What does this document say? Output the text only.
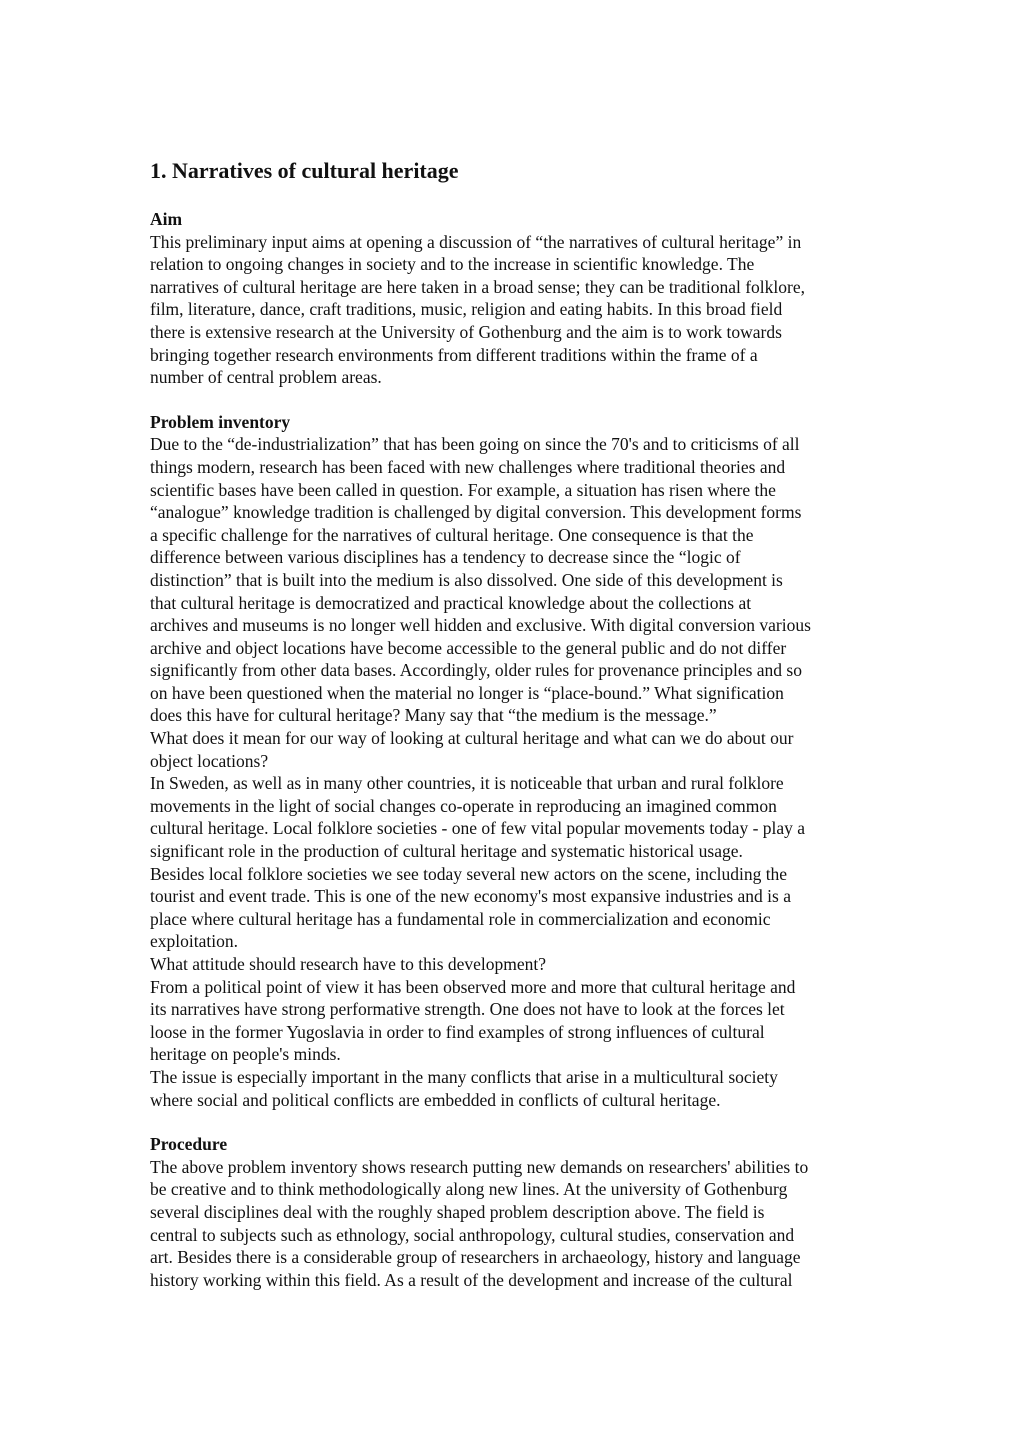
1. Narratives of cultural heritage
Aim

This preliminary input aims at opening a discussion of “the narratives of cultural heritage” in
relation to ongoing changes in society and to the increase in scientific knowledge. The
narratives of cultural heritage are here taken in a broad sense; they can be traditional folklore,
film, literature, dance, craft traditions, music, religion and eating habits. In this broad field
there is extensive research at the University of Gothenburg and the aim is to work towards
bringing together research environments from different traditions within the frame of a
number of central problem areas.

Problem inventory

Due to the “de-industrialization” that has been going on since the 70's and to criticisms of all
things modern, research has been faced with new challenges where traditional theories and
scientific bases have been called in question. For example, a situation has risen where the
“analogue” knowledge tradition is challenged by digital conversion. This development forms
a specific challenge for the narratives of cultural heritage. One consequence is that the
difference between various disciplines has a tendency to decrease since the “logic of
distinction” that is built into the medium is also dissolved. One side of this development is
that cultural heritage is democratized and practical knowledge about the collections at
archives and museums is no longer well hidden and exclusive. With digital conversion various
archive and object locations have become accessible to the general public and do not differ
significantly from other data bases. Accordingly, older rules for provenance principles and so
on have been questioned when the material no longer is “place-bound.” What signification
does this have for cultural heritage? Many say that “the medium is the message.”

What does it mean for our way of looking at cultural heritage and what can we do about our
object locations?

In Sweden, as well as in many other countries, it is noticeable that urban and rural folklore
movements in the light of social changes co-operate in reproducing an imagined common
cultural heritage. Local folklore societies - one of few vital popular movements today - play a
significant role in the production of cultural heritage and systematic historical usage.

Besides local folklore societies we see today several new actors on the scene, including the
tourist and event trade. This is one of the new economy's most expansive industries and is a
place where cultural heritage has a fundamental role in commercialization and economic
exploitation.

What attitude should research have to this development?

From a political point of view it has been observed more and more that cultural heritage and
its narratives have strong performative strength. One does not have to look at the forces let
loose in the former Yugoslavia in order to find examples of strong influences of cultural
heritage on people's minds.

The issue is especially important in the many conflicts that arise in a multicultural society
where social and political conflicts are embedded in conflicts of cultural heritage.

Procedure

The above problem inventory shows research putting new demands on researchers' abilities to
be creative and to think methodologically along new lines. At the university of Gothenburg
several disciplines deal with the roughly shaped problem description above. The field is
central to subjects such as ethnology, social anthropology, cultural studies, conservation and
art. Besides there is a considerable group of researchers in archaeology, history and language
history working within this field. As a result of the development and increase of the cultural
